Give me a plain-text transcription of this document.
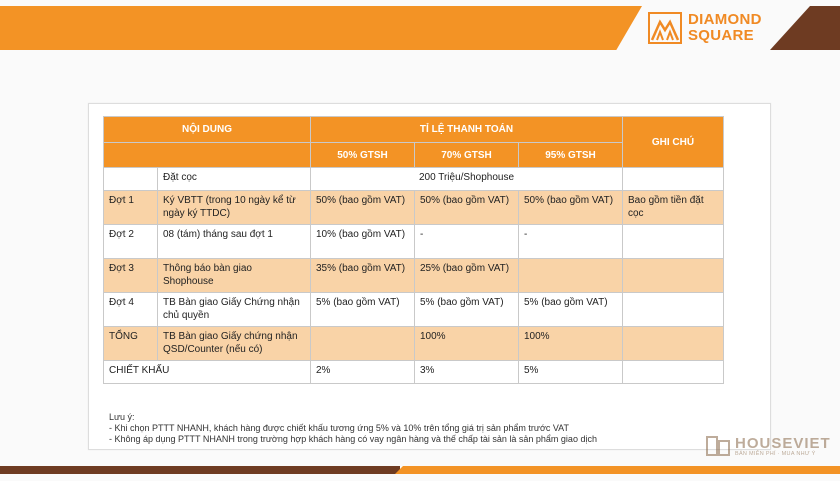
DIAMOND
SQUARE
NỘI DUNG		TỈ LỆ THANH TOÁN			GHI CHÚ
		50% GTSH	70% GTSH	95% GTSH	
	Đặt cọc	200 Triệu/Shophouse			
Đợt 1	Ký VBTT (trong 10 ngày kể từ ngày ký TTDC)	50% (bao gồm VAT)	50% (bao gồm VAT)	50% (bao gồm VAT)	Bao gồm tiền đặt cọc
Đợt 2	08 (tám) tháng sau đợt 1	10% (bao gồm VAT)	-	-	
Đợt 3	Thông báo bàn giao Shophouse	35% (bao gồm VAT)	25% (bao gồm VAT)		
Đợt 4	TB Bàn giao Giấy Chứng nhận chủ quyền	5% (bao gồm VAT)	5% (bao gồm VAT)	5% (bao gồm VAT)	
TỔNG	TB Bàn giao Giấy chứng nhận QSD/Counter (nếu có)		100%	100%	
CHIẾT KHẤU		2%	3%	5%	
Lưu ý:
- Khi chọn PTTT NHANH, khách hàng được chiết khấu tương ứng 5% và 10% trên tổng giá trị sản phẩm trước VAT
- Không áp dụng PTTT NHANH trong trường hợp khách hàng có vay ngân hàng và thế chấp tài sản là sản phẩm giao dịch	HOUSEVIET
BÁN MIỄN PHÍ · MUA NHƯ Ý
